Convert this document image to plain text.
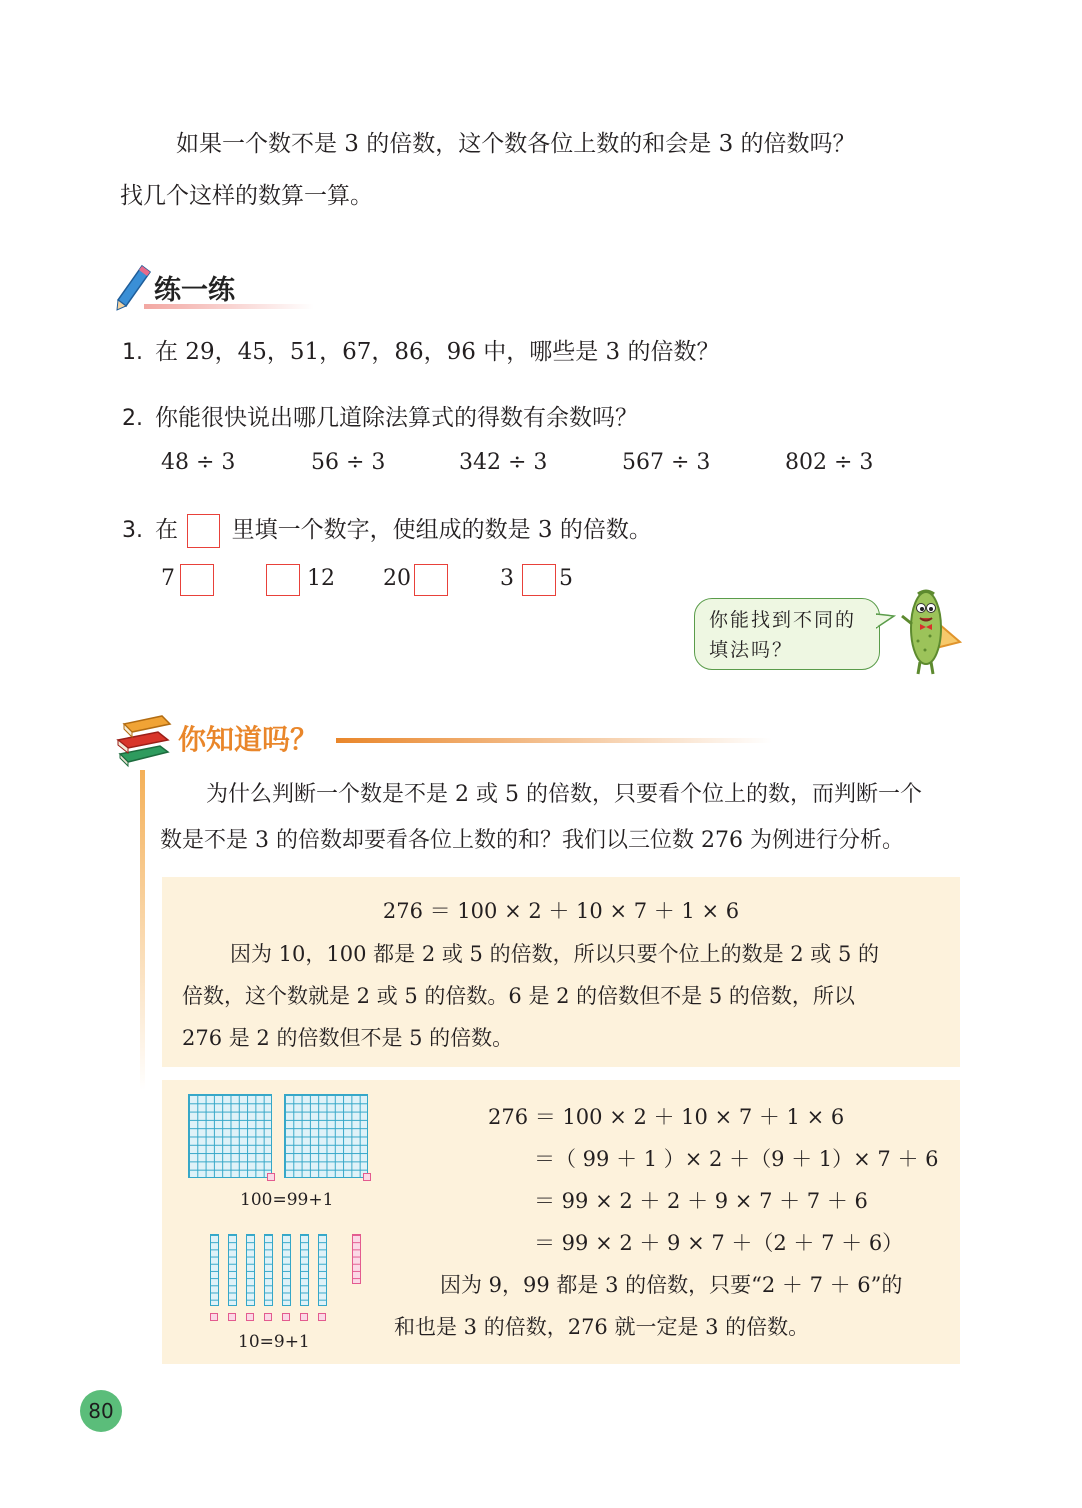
如果一个数不是 3 的倍数，这个数各位上数的和会是 3 的倍数吗？
找几个这样的数算一算。
练一练
1. 在 29，45，51，67，86，96 中，哪些是 3 的倍数？
2. 你能很快说出哪几道除法算式的得数有余数吗？
48 ÷ 3	56 ÷ 3	342 ÷ 3	567 ÷ 3	802 ÷ 3
3. 在 里填一个数字，使组成的数是 3 的倍数。
7	12 20	3 5
你能找到不同的填法吗？
你知道吗？
为什么判断一个数是不是 2 或 5 的倍数，只要看个位上的数，而判断一个
数是不是 3 的倍数却要看各位上数的和？我们以三位数 276 为例进行分析。
276 ＝ 100 × 2 ＋ 10 × 7 ＋ 1 × 6
因为 10，100 都是 2 或 5 的倍数，所以只要个位上的数是 2 或 5 的
倍数，这个数就是 2 或 5 的倍数。6 是 2 的倍数但不是 5 的倍数，所以
276 是 2 的倍数但不是 5 的倍数。
100=99+1
10=9+1
276 ＝ 100 × 2 ＋ 10 × 7 ＋ 1 × 6
＝（ 99 ＋ 1 ）× 2 ＋（9 ＋ 1）× 7 ＋ 6
＝ 99 × 2 ＋ 2 ＋ 9 × 7 ＋ 7 ＋ 6
＝ 99 × 2 ＋ 9 × 7 ＋（2 ＋ 7 ＋ 6）
因为 9，99 都是 3 的倍数，只要“2 ＋ 7 ＋ 6”的
和也是 3 的倍数，276 就一定是 3 的倍数。
80
